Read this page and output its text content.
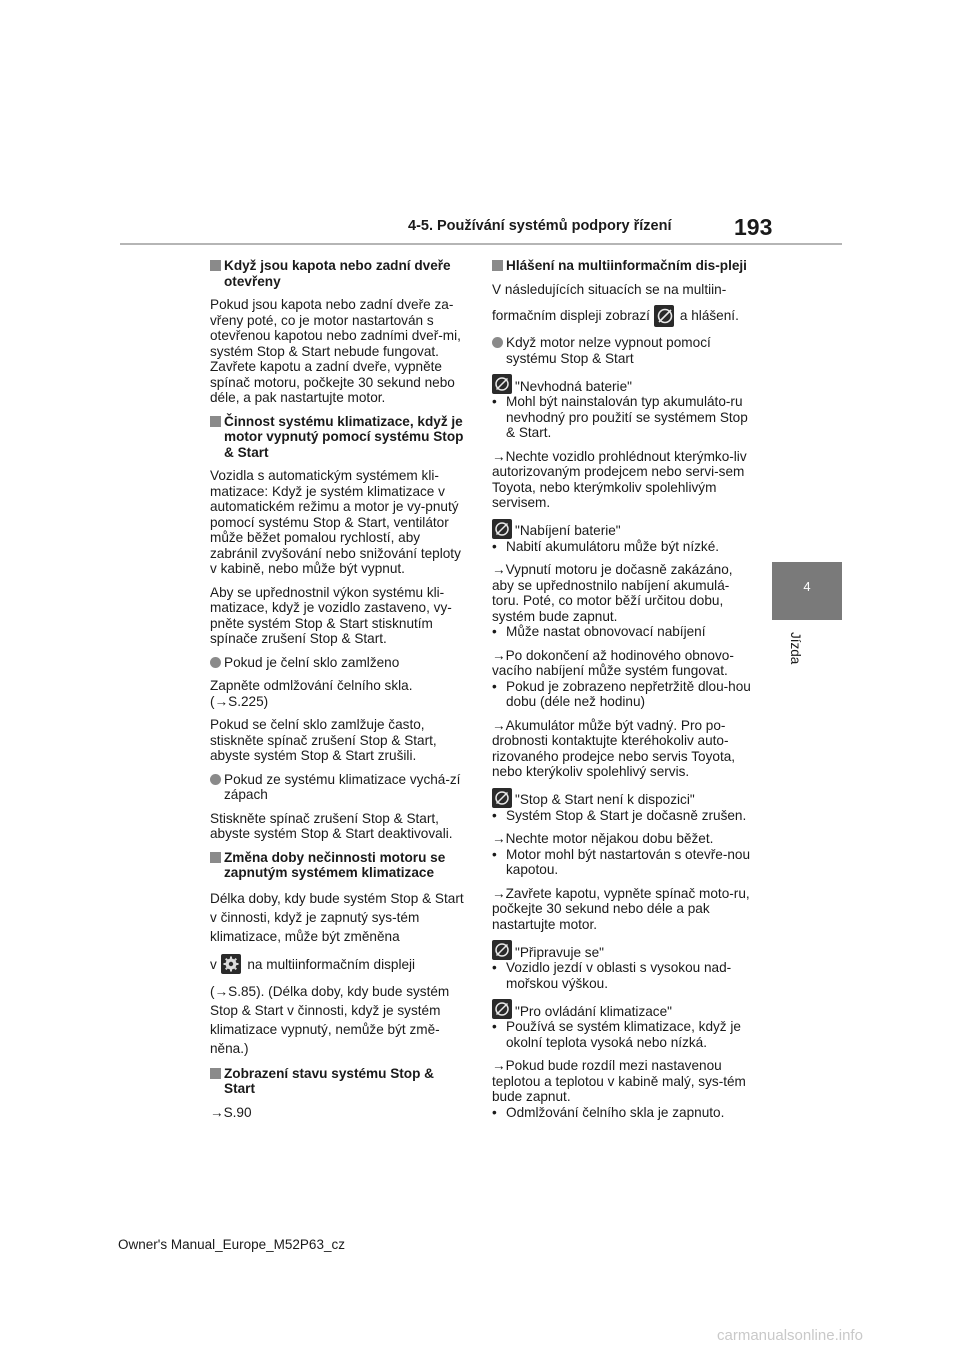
4-5. Používání systémů podpory řízení	193
4
Jízda
Když jsou kapota nebo zadní dveře otevřeny
Pokud jsou kapota nebo zadní dveře za-vřeny poté, co je motor nastartován s otevřenou kapotou nebo zadními dveř-mi, systém Stop & Start nebude fungovat. Zavřete kapotu a zadní dveře, vypněte spínač motoru, počkejte 30 sekund nebo déle, a pak nastartujte motor.
Činnost systému klimatizace, když je motor vypnutý pomocí systému Stop & Start
Vozidla s automatickým systémem kli-matizace: Když je systém klimatizace v automatickém režimu a motor je vy-pnutý pomocí systému Stop & Start, ventilátor může běžet pomalou rychlostí, aby zabránil zvyšování nebo snižování teploty v kabině, nebo může být vypnut.
Aby se upřednostnil výkon systému kli-matizace, když je vozidlo zastaveno, vy-pněte systém Stop & Start stisknutím spínače zrušení Stop & Start.
Pokud je čelní sklo zamlženo
Zapněte odmlžování čelního skla.
(→S.225)
Pokud se čelní sklo zamlžuje často, stiskněte spínač zrušení Stop & Start, abyste systém Stop & Start zrušili.
Pokud ze systému klimatizace vychá-zí zápach
Stiskněte spínač zrušení Stop & Start, abyste systém Stop & Start deaktivovali.
Změna doby nečinnosti motoru se zapnutým systémem klimatizace
Délka doby, kdy bude systém Stop & Start v činnosti, když je zapnutý sys-tém klimatizace, může být změněna
v na multiinformačním displeji
(→S.85). (Délka doby, kdy bude systém Stop & Start v činnosti, když je systém klimatizace vypnutý, nemůže být změ-něna.)
Zobrazení stavu systému Stop & Start
→S.90
Hlášení na multiinformačním dis-pleji
V následujících situacích se na multiin-
formačním displeji zobrazí a hlášení.
Když motor nelze vypnout pomocí systému Stop & Start
"Nevhodná baterie"
• Mohl být nainstalován typ akumuláto-ru nevhodný pro použití se systémem Stop & Start.
→Nechte vozidlo prohlédnout kterýmko-liv autorizovaným prodejcem nebo servi-sem Toyota, nebo kterýmkoliv spolehlivým servisem.
"Nabíjení baterie"
• Nabití akumulátoru může být nízké.
→Vypnutí motoru je dočasně zakázáno, aby se upřednostnilo nabíjení akumulá-toru. Poté, co motor běží určitou dobu, systém bude zapnut.
• Může nastat obnovovací nabíjení
→Po dokončení až hodinového obnovo-vacího nabíjení může systém fungovat.
• Pokud je zobrazeno nepřetržitě dlou-hou dobu (déle než hodinu)
→Akumulátor může být vadný. Pro po-drobnosti kontaktujte kteréhokoliv auto-rizovaného prodejce nebo servis Toyota, nebo kterýkoliv spolehlivý servis.
"Stop & Start není k dispozici"
• Systém Stop & Start je dočasně zrušen.
→Nechte motor nějakou dobu běžet.
• Motor mohl být nastartován s otevře-nou kapotou.
→Zavřete kapotu, vypněte spínač moto-ru, počkejte 30 sekund nebo déle a pak nastartujte motor.
"Připravuje se"
• Vozidlo jezdí v oblasti s vysokou nad-mořskou výškou.
"Pro ovládání klimatizace"
• Používá se systém klimatizace, když je okolní teplota vysoká nebo nízká.
→Pokud bude rozdíl mezi nastavenou teplotou a teplotou v kabině malý, sys-tém bude zapnut.
• Odmlžování čelního skla je zapnuto.
Owner's Manual_Europe_M52P63_cz
carmanualsonline.info
